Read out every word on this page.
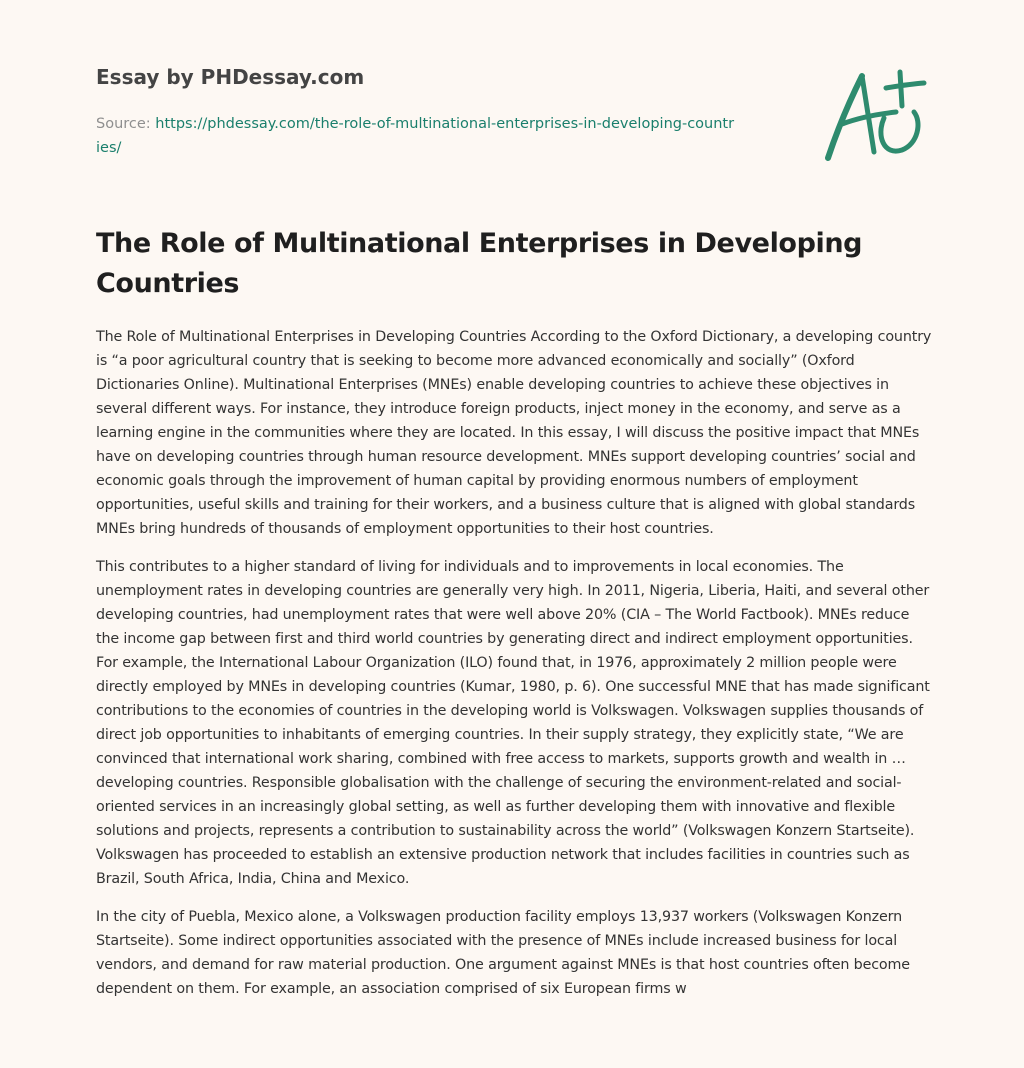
Essay by PHDessay.com
Source: https://phdessay.com/the-role-of-multinational-enterprises-in-developing-countries/
The Role of Multinational Enterprises in Developing Countries

The Role of Multinational Enterprises in Developing Countries According to the Oxford Dictionary, a developing country is “a poor agricultural country that is seeking to become more advanced economically and socially” (Oxford Dictionaries Online). Multinational Enterprises (MNEs) enable developing countries to achieve these objectives in several different ways. For instance, they introduce foreign products, inject money in the economy, and serve as a learning engine in the communities where they are located. In this essay, I will discuss the positive impact that MNEs have on developing countries through human resource development. MNEs support developing countries’ social and economic goals through the improvement of human capital by providing enormous numbers of employment opportunities, useful skills and training for their workers, and a business culture that is aligned with global standards MNEs bring hundreds of thousands of employment opportunities to their host countries.

This contributes to a higher standard of living for individuals and to improvements in local economies. The unemployment rates in developing countries are generally very high. In 2011, Nigeria, Liberia, Haiti, and several other developing countries, had unemployment rates that were well above 20% (CIA – The World Factbook). MNEs reduce the income gap between first and third world countries by generating direct and indirect employment opportunities. For example, the International Labour Organization (ILO) found that, in 1976, approximately 2 million people were directly employed by MNEs in developing countries (Kumar, 1980, p. 6). One successful MNE that has made significant contributions to the economies of countries in the developing world is Volkswagen. Volkswagen supplies thousands of direct job opportunities to inhabitants of emerging countries. In their supply strategy, they explicitly state, “We are convinced that international work sharing, combined with free access to markets, supports growth and wealth in … developing countries. Responsible globalisation with the challenge of securing the environment-related and social-oriented services in an increasingly global setting, as well as further developing them with innovative and flexible solutions and projects, represents a contribution to sustainability across the world” (Volkswagen Konzern Startseite). Volkswagen has proceeded to establish an extensive production network that includes facilities in countries such as Brazil, South Africa, India, China and Mexico.

In the city of Puebla, Mexico alone, a Volkswagen production facility employs 13,937 workers (Volkswagen Konzern Startseite). Some indirect opportunities associated with the presence of MNEs include increased business for local vendors, and demand for raw material production. One argument against MNEs is that host countries often become dependent on them. For example, an association comprised of six European firms w
